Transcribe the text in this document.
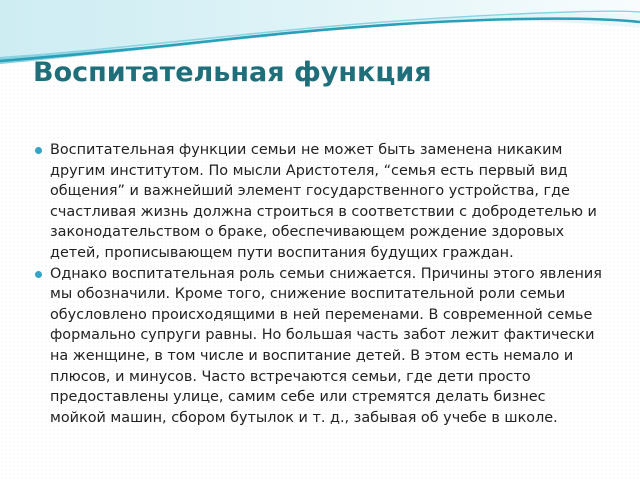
Воспитательная функция
Воспитательная функции семьи не может быть заменена никаким другим институтом. По мысли Аристотеля, “семья есть первый вид общения” и важнейший элемент государственного устройства, где счастливая жизнь должна строиться в соответствии с добродетелью и законодательством о браке, обеспечивающем рождение здоровых детей, прописывающем пути воспитания будущих граждан.
Однако воспитательная роль семьи снижается. Причины этого явления мы обозначили. Кроме того, снижение воспитательной роли семьи обусловлено происходящими в ней переменами. В современной семье формально супруги равны. Но большая часть забот лежит фактически на женщине, в том числе и воспитание детей. В этом есть немало и плюсов, и минусов. Часто встречаются семьи, где дети просто предоставлены улице, самим себе или стремятся делать бизнес мойкой машин, сбором бутылок и т. д., забывая об учебе в школе.
